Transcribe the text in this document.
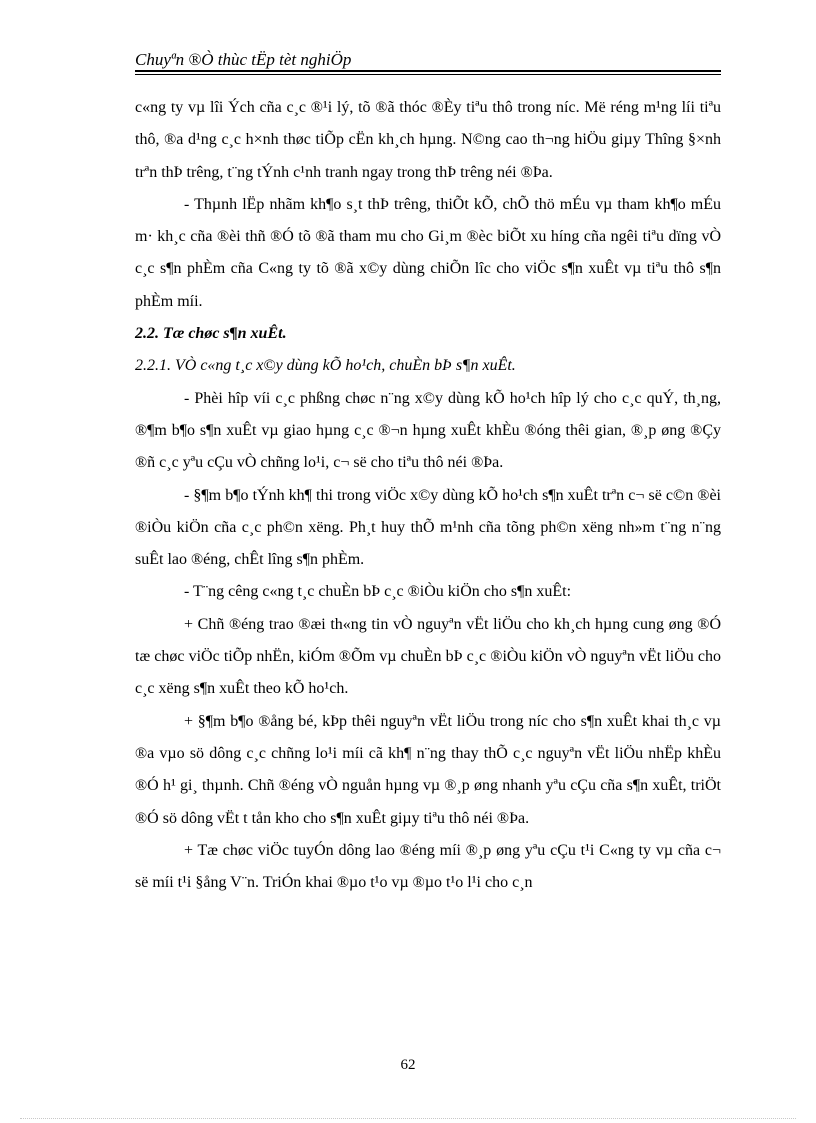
Chuyªn ®Ò thùc tËp tèt nghiÖp

c«ng ty vµ lîi Ých cña c¸c ®¹i lý, tõ ®ã thóc ®Èy tiªu thô trong níc. Më réng m¹ng líi tiªu thô, ®a d¹ng c¸c h×nh thøc tiÕp cËn kh¸ch hµng. N©ng cao th¬ng hiÖu giµy Thîng §×nh trªn thÞ trêng, t¨ng tÝnh c¹nh tranh ngay trong thÞ trêng néi ®Þa.

- Thµnh lËp nhãm kh¶o s¸t thÞ trêng, thiÕt kÕ, chÕ thö mÉu vµ tham kh¶o mÉu m· kh¸c cña ®èi thñ ®Ó tõ ®ã tham mu cho Gi¸m ®èc biÕt xu híng cña ngêi tiªu dïng vÒ c¸c s¶n phÈm cña C«ng ty tõ ®ã x©y dùng chiÕn lîc cho viÖc s¶n xuÊt vµ tiªu thô s¶n phÈm míi.

2.2. Tæ chøc s¶n xuÊt.

2.2.1. VÒ c«ng t¸c x©y dùng kÕ ho¹ch, chuÈn bÞ s¶n xuÊt.

- Phèi hîp víi c¸c phßng chøc n¨ng x©y dùng kÕ ho¹ch hîp lý cho c¸c quÝ, th¸ng, ®¶m b¶o s¶n xuÊt vµ giao hµng c¸c ®¬n hµng xuÊt khÈu ®óng thêi gian, ®¸p øng ®Çy ®ñ c¸c yªu cÇu vÒ chñng lo¹i, c¬ së cho tiªu thô néi ®Þa.

- §¶m b¶o tÝnh kh¶ thi trong viÖc x©y dùng kÕ ho¹ch s¶n xuÊt trªn c¬ së c©n ®èi ®iÒu kiÖn cña c¸c ph©n xëng. Ph¸t huy thÕ m¹nh cña tõng ph©n xëng nh»m t¨ng n¨ng suÊt lao ®éng, chÊt lîng s¶n phÈm.

- T¨ng cêng c«ng t¸c chuÈn bÞ c¸c ®iÒu kiÖn cho s¶n xuÊt:

+ Chñ ®éng trao ®æi th«ng tin vÒ nguyªn vËt liÖu cho kh¸ch hµng cung øng ®Ó tæ chøc viÖc tiÕp nhËn, kiÓm ®Õm vµ chuÈn bÞ c¸c ®iÒu kiÖn vÒ nguyªn vËt liÖu cho c¸c xëng s¶n xuÊt theo kÕ ho¹ch.

+ §¶m b¶o ®ång bé, kÞp thêi nguyªn vËt liÖu trong níc cho s¶n xuÊt khai th¸c vµ ®a vµo sö dông c¸c chñng lo¹i míi cã kh¶ n¨ng thay thÕ c¸c nguyªn vËt liÖu nhËp khÈu ®Ó h¹ gi¸ thµnh. Chñ ®éng vÒ nguån hµng vµ ®¸p øng nhanh yªu cÇu cña s¶n xuÊt, triÖt ®Ó sö dông vËt t tån kho cho s¶n xuÊt giµy tiªu thô néi ®Þa.

+ Tæ chøc viÖc tuyÓn dông lao ®éng míi ®¸p øng yªu cÇu t¹i C«ng ty vµ cña c¬ së míi t¹i §ång V¨n. TriÓn khai ®µo t¹o vµ ®µo t¹o l¹i cho c¸n

62
